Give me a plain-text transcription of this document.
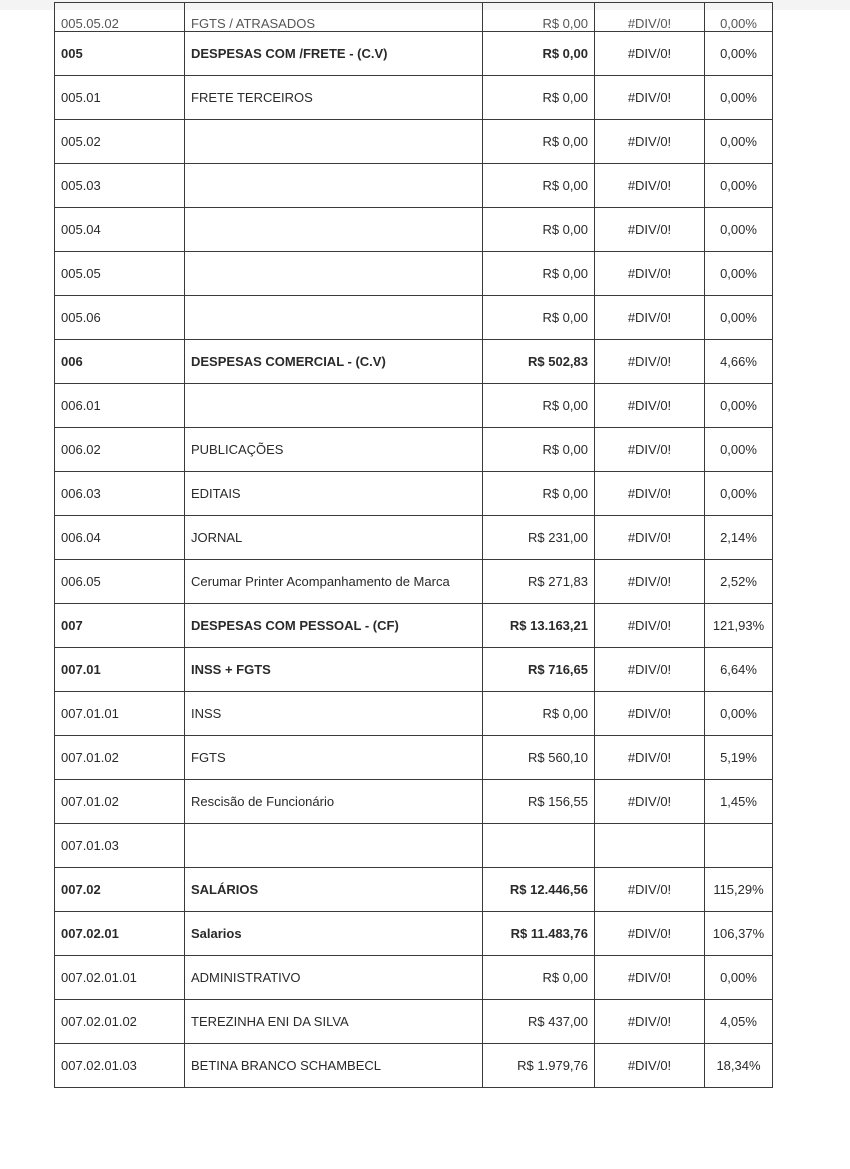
005.05.02	FGTS / ATRASADOS	R$ 0,00	#DIV/0!	0,00%
005	DESPESAS COM /FRETE - (C.V)	R$ 0,00	#DIV/0!	0,00%
005.01	FRETE TERCEIROS	R$ 0,00	#DIV/0!	0,00%
005.02		R$ 0,00	#DIV/0!	0,00%
005.03		R$ 0,00	#DIV/0!	0,00%
005.04		R$ 0,00	#DIV/0!	0,00%
005.05		R$ 0,00	#DIV/0!	0,00%
005.06		R$ 0,00	#DIV/0!	0,00%
006	DESPESAS COMERCIAL - (C.V)	R$ 502,83	#DIV/0!	4,66%
006.01		R$ 0,00	#DIV/0!	0,00%
006.02	PUBLICAÇÕES	R$ 0,00	#DIV/0!	0,00%
006.03	EDITAIS	R$ 0,00	#DIV/0!	0,00%
006.04	JORNAL	R$ 231,00	#DIV/0!	2,14%
006.05	Cerumar Printer Acompanhamento de Marca	R$ 271,83	#DIV/0!	2,52%
007	DESPESAS COM PESSOAL - (CF)	R$ 13.163,21	#DIV/0!	121,93%
007.01	INSS + FGTS	R$ 716,65	#DIV/0!	6,64%
007.01.01	INSS	R$ 0,00	#DIV/0!	0,00%
007.01.02	FGTS	R$ 560,10	#DIV/0!	5,19%
007.01.02	Rescisão de Funcionário	R$ 156,55	#DIV/0!	1,45%
007.01.03				
007.02	SALÁRIOS	R$ 12.446,56	#DIV/0!	115,29%
007.02.01	Salarios	R$ 11.483,76	#DIV/0!	106,37%
007.02.01.01	ADMINISTRATIVO	R$ 0,00	#DIV/0!	0,00%
007.02.01.02	TEREZINHA ENI DA SILVA	R$ 437,00	#DIV/0!	4,05%
007.02.01.03	BETINA BRANCO SCHAMBECL	R$ 1.979,76	#DIV/0!	18,34%
